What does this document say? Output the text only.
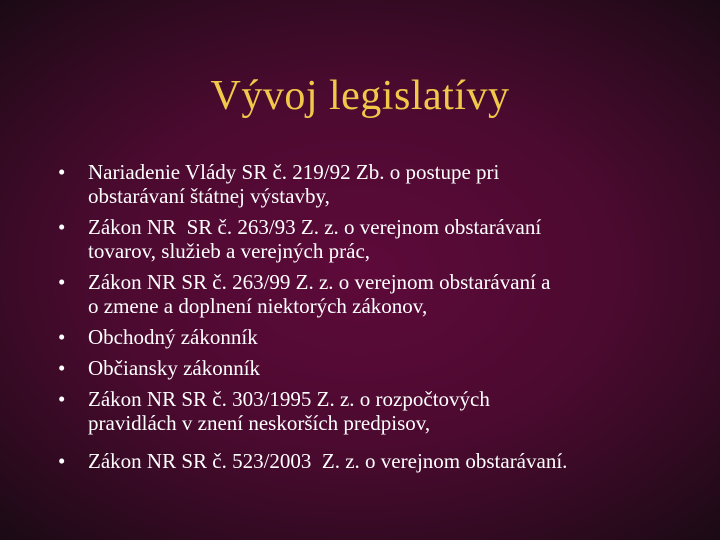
Vývoj legislatívy
•	Nariadenie Vlády SR č. 219/92 Zb. o postupe pri
obstarávaní štátnej výstavby,
•	Zákon NR  SR č. 263/93 Z. z. o verejnom obstarávaní
tovarov, služieb a verejných prác,
•	Zákon NR SR č. 263/99 Z. z. o verejnom obstarávaní a
o zmene a doplnení niektorých zákonov,
•	Obchodný zákonník
•	Občiansky zákonník
•	Zákon NR SR č. 303/1995 Z. z. o rozpočtových
pravidlách v znení neskorších predpisov,
•	Zákon NR SR č. 523/2003  Z. z. o verejnom obstarávaní.
